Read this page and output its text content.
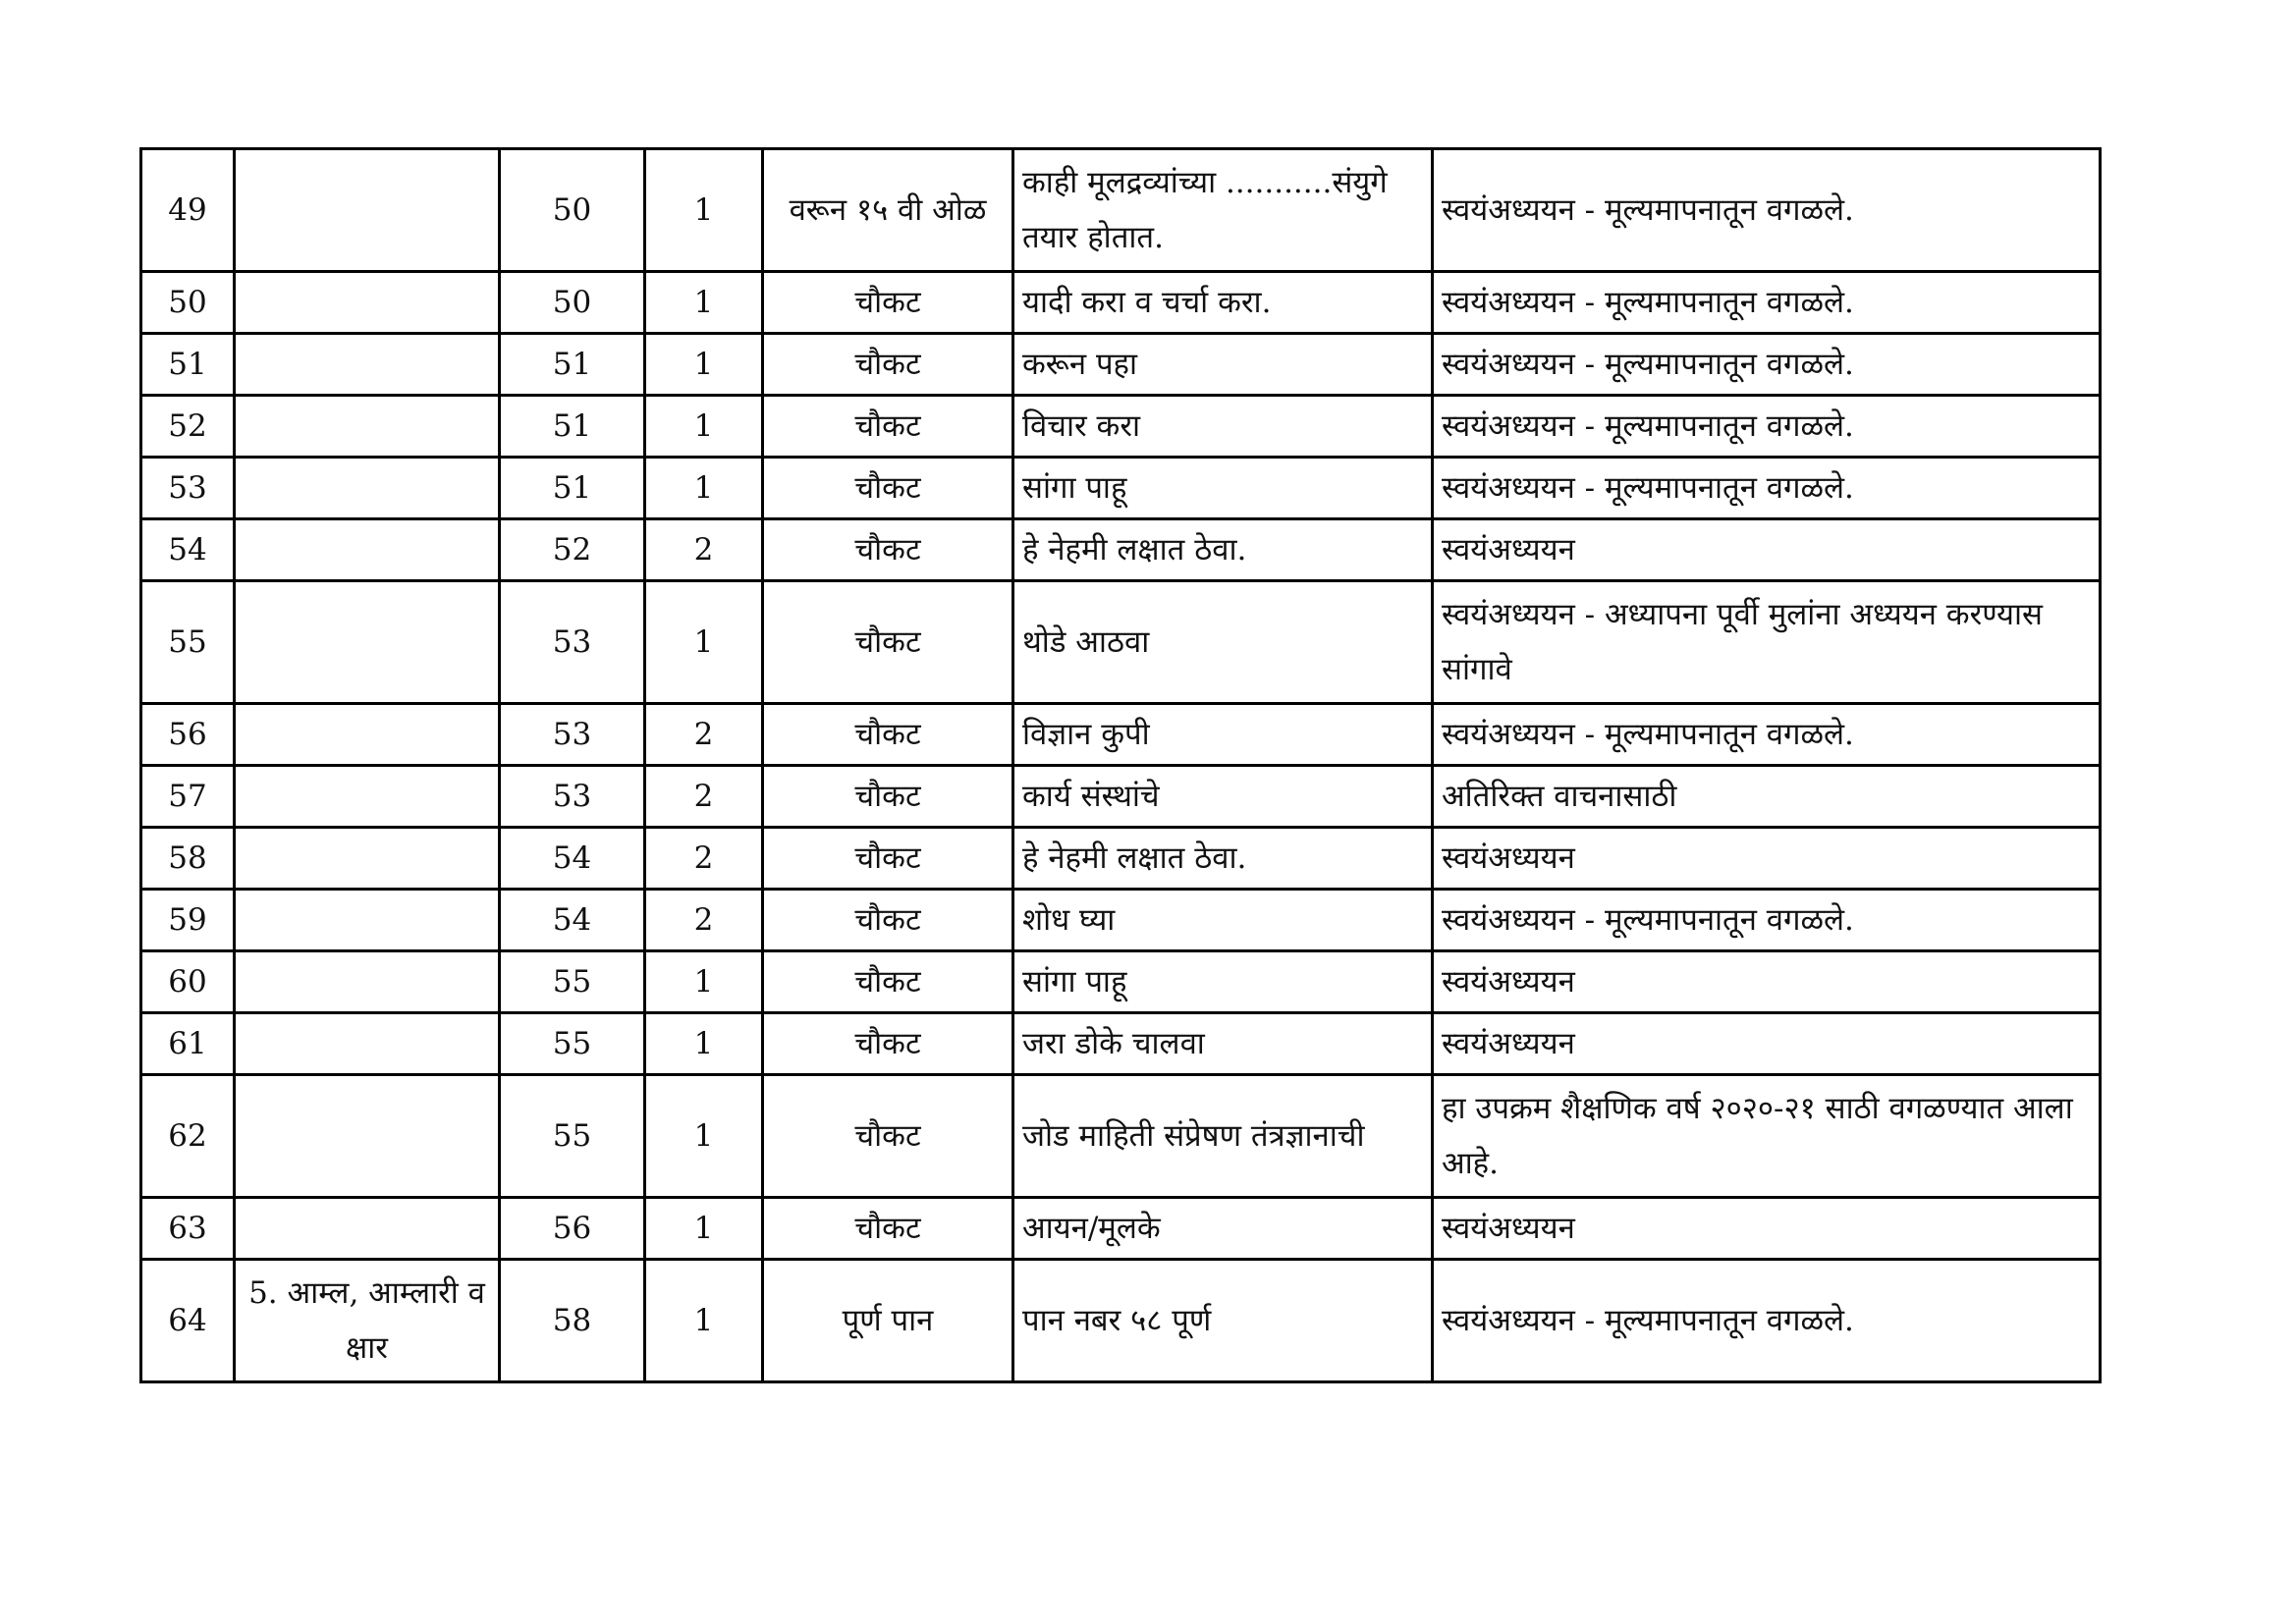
49		50	1	वरून १५ वी ओळ	काही मूलद्रव्यांच्या ...........संयुगे तयार होतात.	स्वयंअध्ययन - मूल्यमापनातून वगळले.
50		50	1	चौकट	यादी करा व चर्चा करा.	स्वयंअध्ययन - मूल्यमापनातून वगळले.
51		51	1	चौकट	करून पहा	स्वयंअध्ययन - मूल्यमापनातून वगळले.
52		51	1	चौकट	विचार करा	स्वयंअध्ययन - मूल्यमापनातून वगळले.
53		51	1	चौकट	सांगा पाहू	स्वयंअध्ययन - मूल्यमापनातून वगळले.
54		52	2	चौकट	हे नेहमी लक्षात ठेवा.	स्वयंअध्ययन
55		53	1	चौकट	थोडे आठवा	स्वयंअध्ययन - अध्यापना पूर्वी मुलांना अध्ययन करण्यास सांगावे
56		53	2	चौकट	विज्ञान कुपी	स्वयंअध्ययन - मूल्यमापनातून वगळले.
57		53	2	चौकट	कार्य संस्थांचे	अतिरिक्त वाचनासाठी
58		54	2	चौकट	हे नेहमी लक्षात ठेवा.	स्वयंअध्ययन
59		54	2	चौकट	शोध घ्या	स्वयंअध्ययन - मूल्यमापनातून वगळले.
60		55	1	चौकट	सांगा पाहू	स्वयंअध्ययन
61		55	1	चौकट	जरा डोके चालवा	स्वयंअध्ययन
62		55	1	चौकट	जोड माहिती संप्रेषण तंत्रज्ञानाची	हा उपक्रम शैक्षणिक वर्ष २०२०-२१ साठी वगळण्यात आला आहे.
63		56	1	चौकट	आयन/मूलके	स्वयंअध्ययन
64	5. आम्ल, आम्लारी व क्षार	58	1	पूर्ण पान	पान नबर ५८ पूर्ण	स्वयंअध्ययन - मूल्यमापनातून वगळले.
